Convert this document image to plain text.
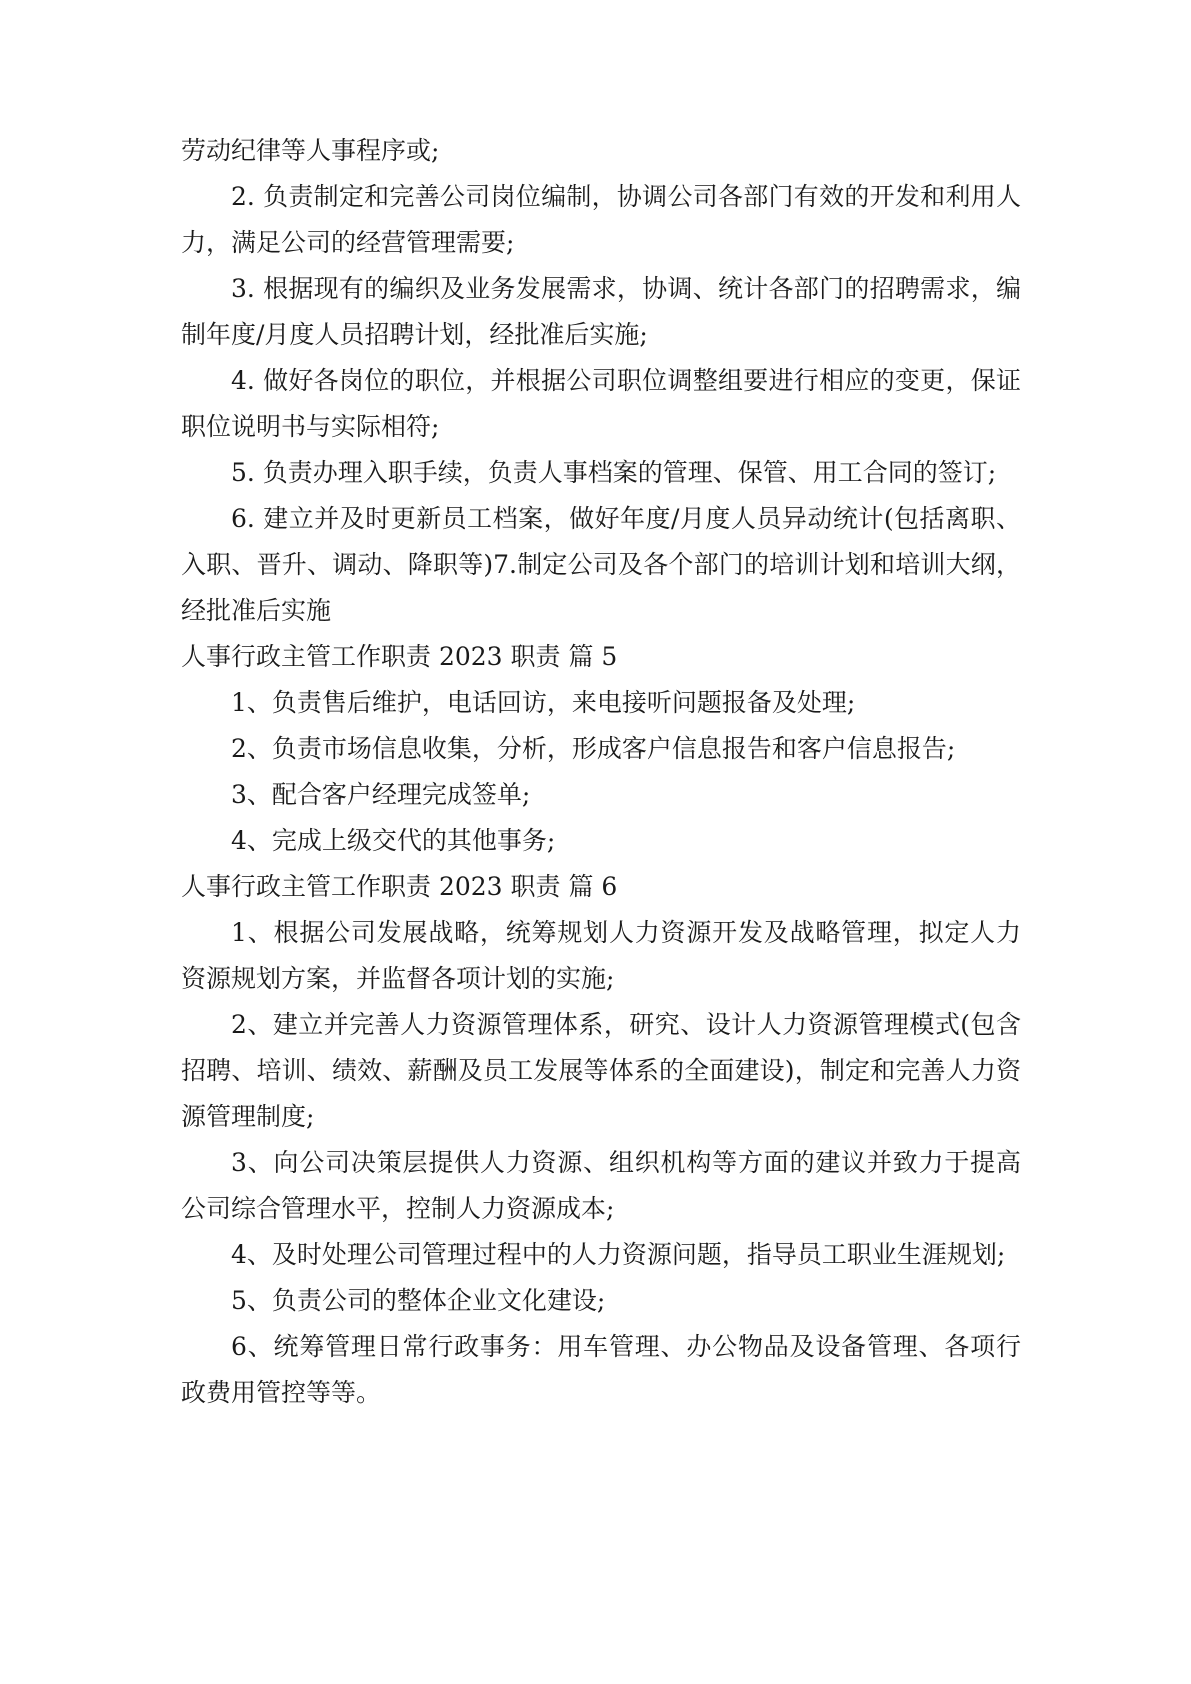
劳动纪律等人事程序或;

2. 负责制定和完善公司岗位编制，协调公司各部门有效的开发和利用人力，满足公司的经营管理需要;

3. 根据现有的编织及业务发展需求，协调、统计各部门的招聘需求，编制年度/月度人员招聘计划，经批准后实施;

4. 做好各岗位的职位，并根据公司职位调整组要进行相应的变更，保证职位说明书与实际相符;

5. 负责办理入职手续，负责人事档案的管理、保管、用工合同的签订;

6. 建立并及时更新员工档案，做好年度/月度人员异动统计(包括离职、入职、晋升、调动、降职等)7.制定公司及各个部门的培训计划和培训大纲，经批准后实施

人事行政主管工作职责 2023 职责 篇 5

1、负责售后维护，电话回访，来电接听问题报备及处理;

2、负责市场信息收集，分析，形成客户信息报告和客户信息报告;

3、配合客户经理完成签单;

4、完成上级交代的其他事务;

人事行政主管工作职责 2023 职责 篇 6

1、根据公司发展战略，统筹规划人力资源开发及战略管理，拟定人力资源规划方案，并监督各项计划的实施;

2、建立并完善人力资源管理体系，研究、设计人力资源管理模式(包含招聘、培训、绩效、薪酬及员工发展等体系的全面建设)，制定和完善人力资源管理制度;

3、向公司决策层提供人力资源、组织机构等方面的建议并致力于提高公司综合管理水平，控制人力资源成本;

4、及时处理公司管理过程中的人力资源问题，指导员工职业生涯规划;

5、负责公司的整体企业文化建设;

6、统筹管理日常行政事务：用车管理、办公物品及设备管理、各项行政费用管控等等。
